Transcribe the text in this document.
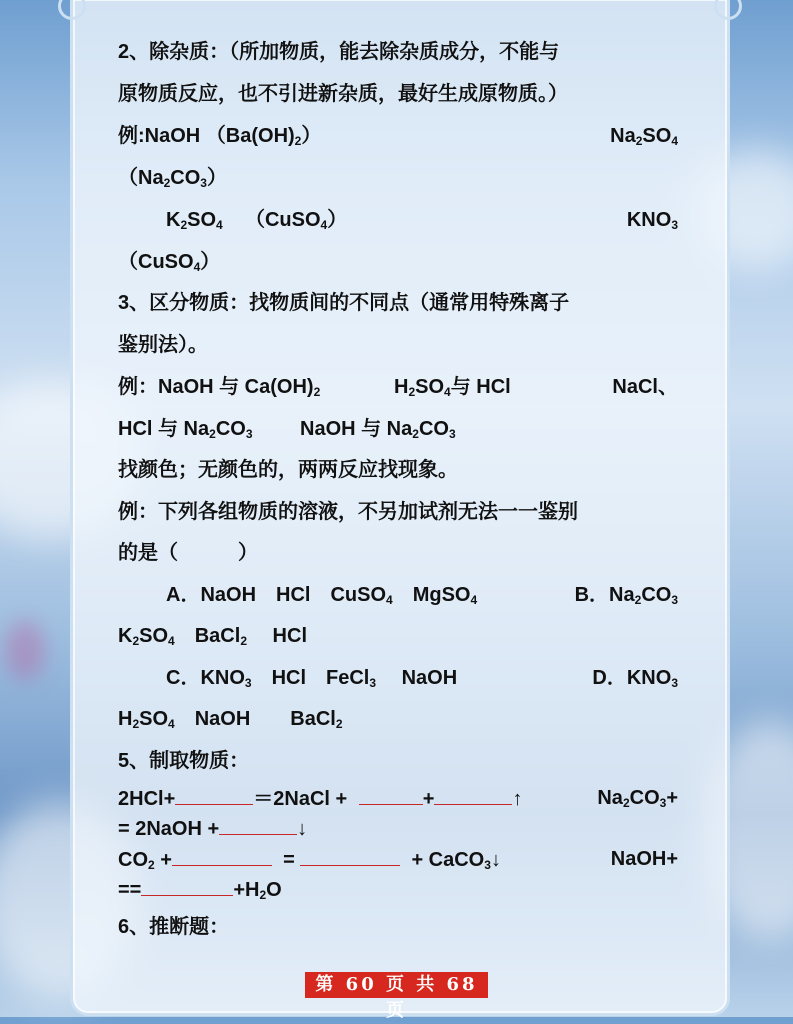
2、除杂质：（所加物质，能去除杂质成分，不能与
原物质反应，也不引进新杂质，最好生成原物质。）
例:NaOH $(Ba(OH)_2)$	$Na_2SO_4$
$(Na_2CO_3)$
$K_2SO_4$ （CuSO$_4$）	$KNO_3$
（CuSO$_4$）
3、区分物质：找物质间的不同点（通常用特殊离子
鉴别法）。
例：NaOH 与 $Ca(OH)_2$	$H_2SO_4$与 HCl	NaCl、
HCl 与 $Na_2CO_3$ NaOH 与 $Na_2CO_3$
找颜色；无颜色的，两两反应找现象。
例：下列各组物质的溶液，不另加试剂无法一一鉴别
的是（　　　）
A．NaOH　HCl　CuSO$_4$　MgSO$_4$	B．$Na_2CO_3$
$K_2SO_4$　BaCl$_2$　 HCl
C．$KNO_3$　HCl　FeCl$_3$　 NaOH	D．$KNO_3$
$H_2SO_4$　NaOH　　BaCl$_2$
5、制取物质：
2HCl+	＝2NaCl +	+	↑	$Na_2CO_3+$
= 2NaOH +	↓
$CO_2$ +	=	+ CaCO$_3$↓	NaOH+
==	$+H_2O$
6、推断题：
第 60 页 共 68 页
